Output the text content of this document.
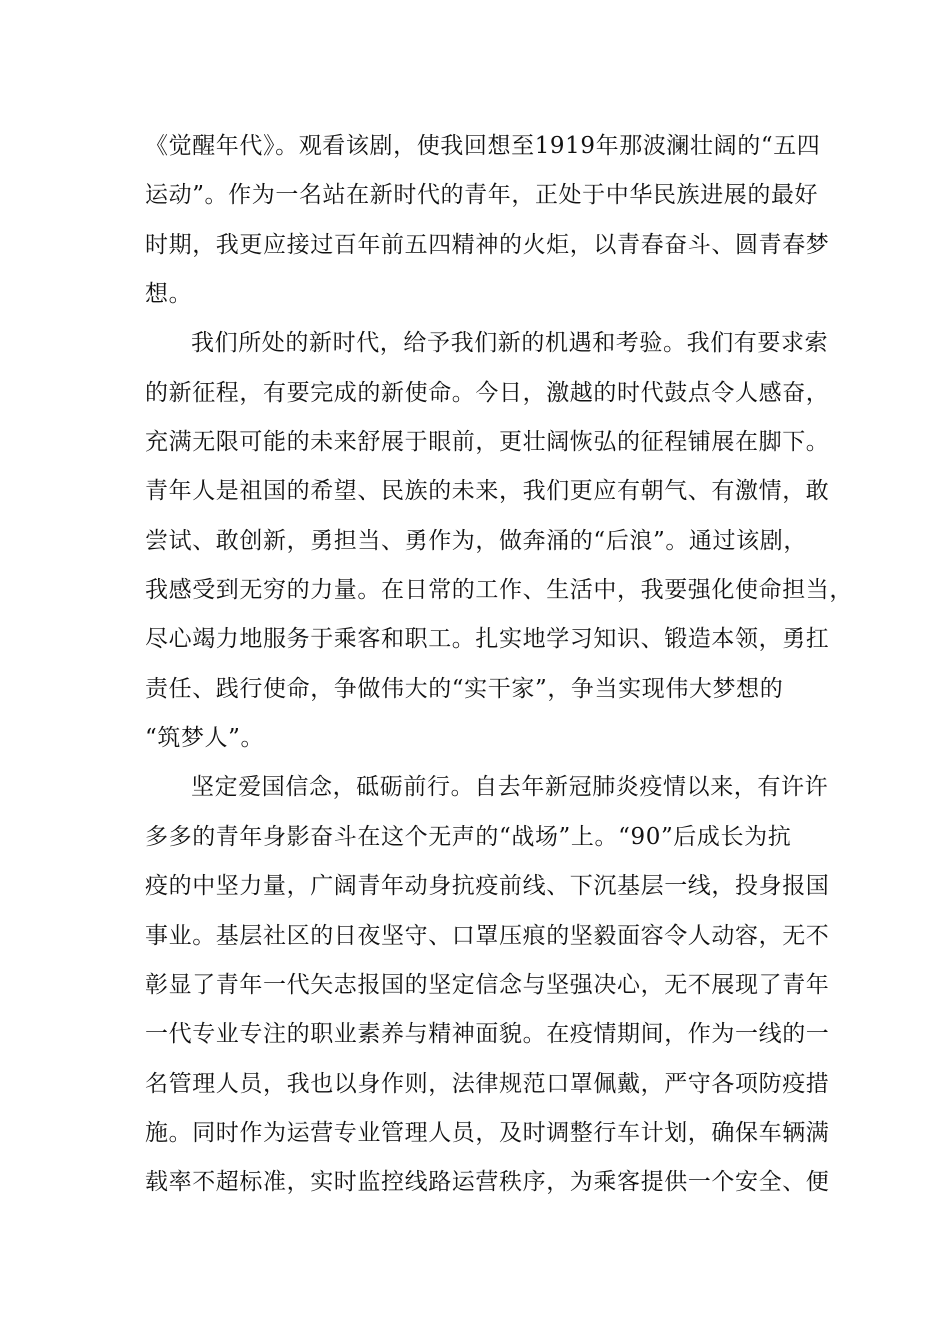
《觉醒年代》。观看该剧，使我回想至1919年那波澜壮阔的“五四
运动”。作为一名站在新时代的青年，正处于中华民族进展的最好
时期，我更应接过百年前五四精神的火炬，以青春奋斗、圆青春梦
想。
我们所处的新时代，给予我们新的机遇和考验。我们有要求索
的新征程，有要完成的新使命。今日，激越的时代鼓点令人感奋，
充满无限可能的未来舒展于眼前，更壮阔恢弘的征程铺展在脚下。
青年人是祖国的希望、民族的未来，我们更应有朝气、有激情，敢
尝试、敢创新，勇担当、勇作为，做奔涌的“后浪”。通过该剧，
我感受到无穷的力量。在日常的工作、生活中，我要强化使命担当，
尽心竭力地服务于乘客和职工。扎实地学习知识、锻造本领，勇扛
责任、践行使命，争做伟大的“实干家”，争当实现伟大梦想的
“筑梦人”。
坚定爱国信念，砥砺前行。自去年新冠肺炎疫情以来，有许许
多多的青年身影奋斗在这个无声的“战场”上。“90”后成长为抗
疫的中坚力量，广阔青年动身抗疫前线、下沉基层一线，投身报国
事业。基层社区的日夜坚守、口罩压痕的坚毅面容令人动容，无不
彰显了青年一代矢志报国的坚定信念与坚强决心，无不展现了青年
一代专业专注的职业素养与精神面貌。在疫情期间，作为一线的一
名管理人员，我也以身作则，法律规范口罩佩戴，严守各项防疫措
施。同时作为运营专业管理人员，及时调整行车计划，确保车辆满
载率不超标准，实时监控线路运营秩序，为乘客提供一个安全、便
